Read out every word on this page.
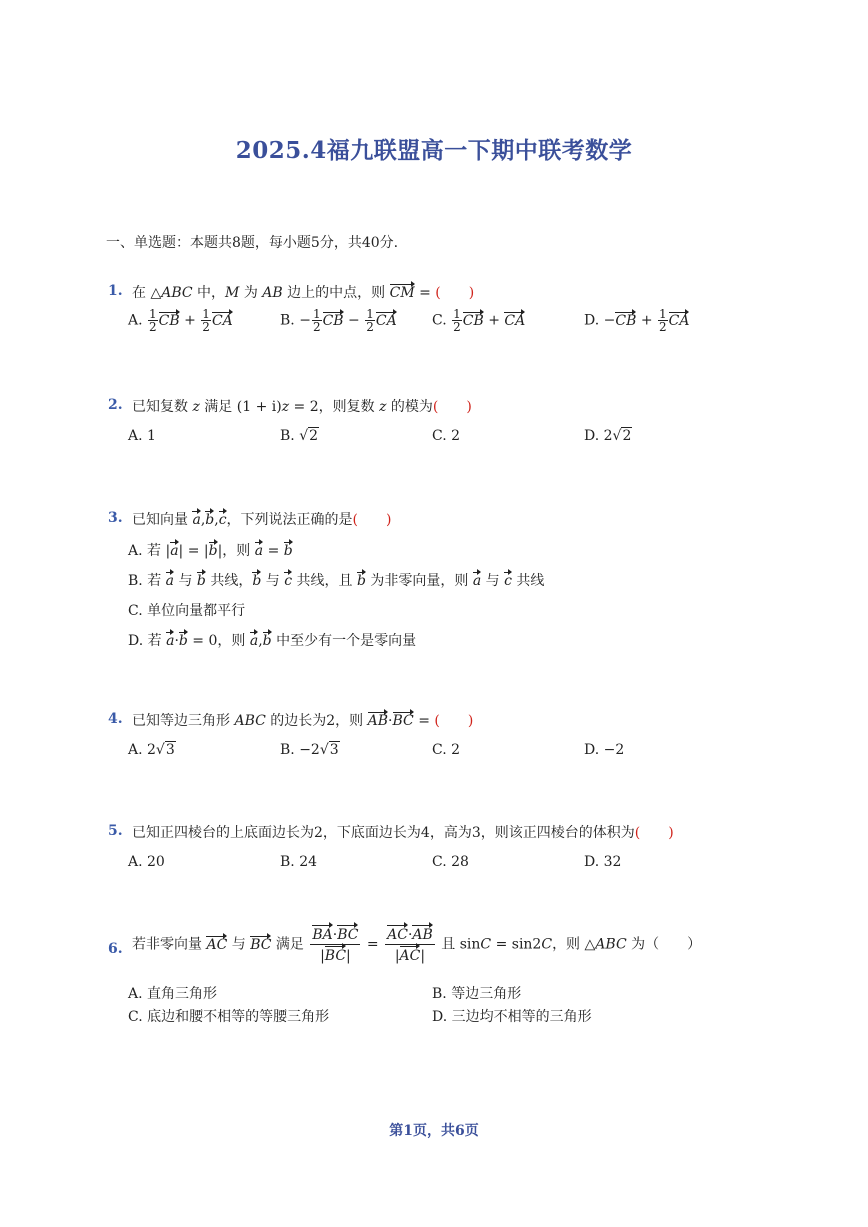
2025.4福九联盟高一下期中联考数学
一、单选题：本题共8题，每小题5分，共40分.
1. 在 △ABC 中，M 为 AB 边上的中点，则 CM = (　　)
A. $\frac{1}{2}$ CB + $\frac{1}{2}$ CA	B. − $\frac{1}{2}$ CB − $\frac{1}{2}$ CA	C. $\frac{1}{2}$ CB + CA	D. $-CB + \frac{1}{2}$ CA
2. 已知复数 z 满足 (1 + i)z = 2，则复数 z 的模为(　　)
A. 1	B. √2	C. 2	D. 2√2
3. 已知向量 a,b,c，下列说法正确的是(　　)
A. 若 |a| = |b|，则 a = b
B. 若 a 与 b 共线，b 与 c 共线，且 b 为非零向量，则 a 与 c 共线
C. 单位向量都平行
D. 若 a·b = 0，则 a,b 中至少有一个是零向量
4. 已知等边三角形 ABC 的边长为2，则 AB·BC = (　　)
A. 2√3	B. −2√3	C. 2	D. −2
5. 已知正四棱台的上底面边长为2，下底面边长为4，高为3，则该正四棱台的体积为(　　)
A. 20	B. 24	C. 28	D. 32
6. 若非零向量 AC 与 BC 满足 $\frac{BA\cdot BC}{|BC|} = \frac{AC\cdot AB}{|AC|}$ 且 sinC = sin2C，则 △ABC 为（　　）
A. 直角三角形	B. 等边三角形
C. 底边和腰不相等的等腰三角形	D. 三边均不相等的三角形
第1页，共6页
